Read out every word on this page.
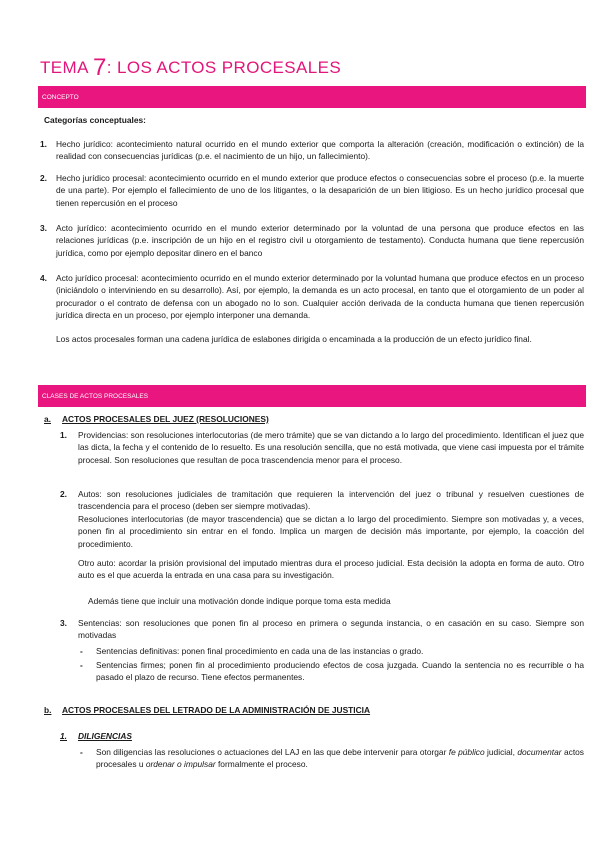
TEMA 7: LOS ACTOS PROCESALES
CONCEPTO
Categorías conceptuales:
1. Hecho jurídico: acontecimiento natural ocurrido en el mundo exterior que comporta la alteración (creación, modificación o extinción) de la realidad con consecuencias jurídicas (p.e. el nacimiento de un hijo, un fallecimiento).
2. Hecho jurídico procesal: acontecimiento ocurrido en el mundo exterior que produce efectos o consecuencias sobre el proceso (p.e. la muerte de una parte). Por ejemplo el fallecimiento de uno de los litigantes, o la desaparición de un bien litigioso. Es un hecho jurídico procesal que tienen repercusión en el proceso
3. Acto jurídico: acontecimiento ocurrido en el mundo exterior determinado por la voluntad de una persona que produce efectos en las relaciones jurídicas (p.e. inscripción de un hijo en el registro civil u otorgamiento de testamento). Conducta humana que tiene repercusión jurídica, como por ejemplo depositar dinero en el banco
4. Acto jurídico procesal: acontecimiento ocurrido en el mundo exterior determinado por la voluntad humana que produce efectos en un proceso (iniciándolo o interviniendo en su desarrollo). Así, por ejemplo, la demanda es un acto procesal, en tanto que el otorgamiento de un poder al procurador o el contrato de defensa con un abogado no lo son. Cualquier acción derivada de la conducta humana que tienen repercusión jurídica directa en un proceso, por ejemplo interponer una demanda.
Los actos procesales forman una cadena jurídica de eslabones dirigida o encaminada a la producción de un efecto jurídico final.
CLASES DE ACTOS PROCESALES
a. ACTOS PROCESALES DEL JUEZ (RESOLUCIONES)
1. Providencias: son resoluciones interlocutorias (de mero trámite) que se van dictando a lo largo del procedimiento. Identifican el juez que las dicta, la fecha y el contenido de lo resuelto. Es una resolución sencilla, que no está motivada, que viene casi impuesta por el trámite procesal. Son resoluciones que resultan de poca trascendencia menor para el proceso.
2. Autos: son resoluciones judiciales de tramitación que requieren la intervención del juez o tribunal y resuelven cuestiones de trascendencia para el proceso (deben ser siempre motivadas).
Resoluciones interlocutorias (de mayor trascendencia) que se dictan a lo largo del procedimiento. Siempre son motivadas y, a veces, ponen fin al procedimiento sin entrar en el fondo. Implica un margen de decisión más importante, por ejemplo, la coacción del procedimiento.
Otro auto: acordar la prisión provisional del imputado mientras dura el proceso judicial. Esta decisión la adopta en forma de auto. Otro auto es el que acuerda la entrada en una casa para su investigación.
Además tiene que incluir una motivación donde indique porque toma esta medida
3. Sentencias: son resoluciones que ponen fin al proceso en primera o segunda instancia, o en casación en su caso. Siempre son motivadas
- Sentencias definitivas: ponen final procedimiento en cada una de las instancias o grado.
- Sentencias firmes; ponen fin al procedimiento produciendo efectos de cosa juzgada. Cuando la sentencia no es recurrible o ha pasado el plazo de recurso. Tiene efectos permanentes.
b. ACTOS PROCESALES DEL LETRADO DE LA ADMINISTRACIÓN DE JUSTICIA
1. DILIGENCIAS
- Son diligencias las resoluciones o actuaciones del LAJ en las que debe intervenir para otorgar fe público judicial, documentar actos procesales u ordenar o impulsar formalmente el proceso.
